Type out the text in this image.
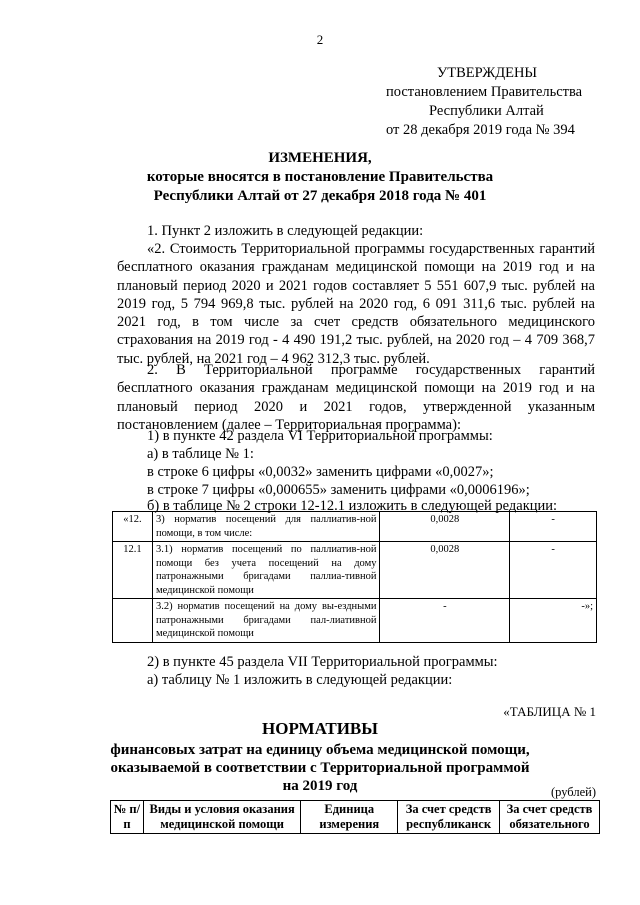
2
УТВЕРЖДЕНЫ
постановлением Правительства
Республики Алтай
от 28 декабря 2019 года № 394
ИЗМЕНЕНИЯ,
которые вносятся в постановление Правительства
Республики Алтай от 27 декабря 2018 года № 401
1. Пункт 2 изложить в следующей редакции:
«2. Стоимость Территориальной программы государственных гарантий бесплатного оказания гражданам медицинской помощи на 2019 год и на плановый период 2020 и 2021 годов составляет 5 551 607,9 тыс. рублей на 2019 год, 5 794 969,8 тыс. рублей на 2020 год, 6 091 311,6 тыс. рублей на 2021 год, в том числе за счет средств обязательного медицинского страхования на 2019 год - 4 490 191,2 тыс. рублей, на 2020 год – 4 709 368,7 тыс. рублей, на 2021 год – 4 962 312,3 тыс. рублей.
2. В Территориальной программе государственных гарантий бесплатного оказания гражданам медицинской помощи на 2019 год и на плановый период 2020 и 2021 годов, утвержденной указанным постановлением (далее – Территориальная программа):
1) в пункте 42 раздела VI Территориальной программы:
а) в таблице № 1:
в строке 6 цифры «0,0032» заменить цифрами «0,0027»;
в строке 7 цифры «0,000655» заменить цифрами «0,0006196»;
б) в таблице № 2 строки 12-12.1 изложить в следующей редакции:
«12.	3) норматив посещений для паллиатив-ной помощи, в том числе:	0,0028	-
12.1	3.1) норматив посещений по паллиатив-ной помощи без учета посещений на дому патронажными бригадами паллиа-тивной медицинской помощи	0,0028	-
	3.2) норматив посещений на дому вы-ездными патронажными бригадами пал-лиативной медицинской помощи	-	-»;
2) в пункте 45 раздела VII Территориальной программы:
а) таблицу № 1 изложить в следующей редакции:
«ТАБЛИЦА № 1
НОРМАТИВЫ
финансовых затрат на единицу объема медицинской помощи,
оказываемой в соответствии с Территориальной программой
на 2019 год	(рублей)
№ п/п	Виды и условия оказания медицинской помощи	Единица измерения	За счет средств республиканск	За счет средств обязательного
